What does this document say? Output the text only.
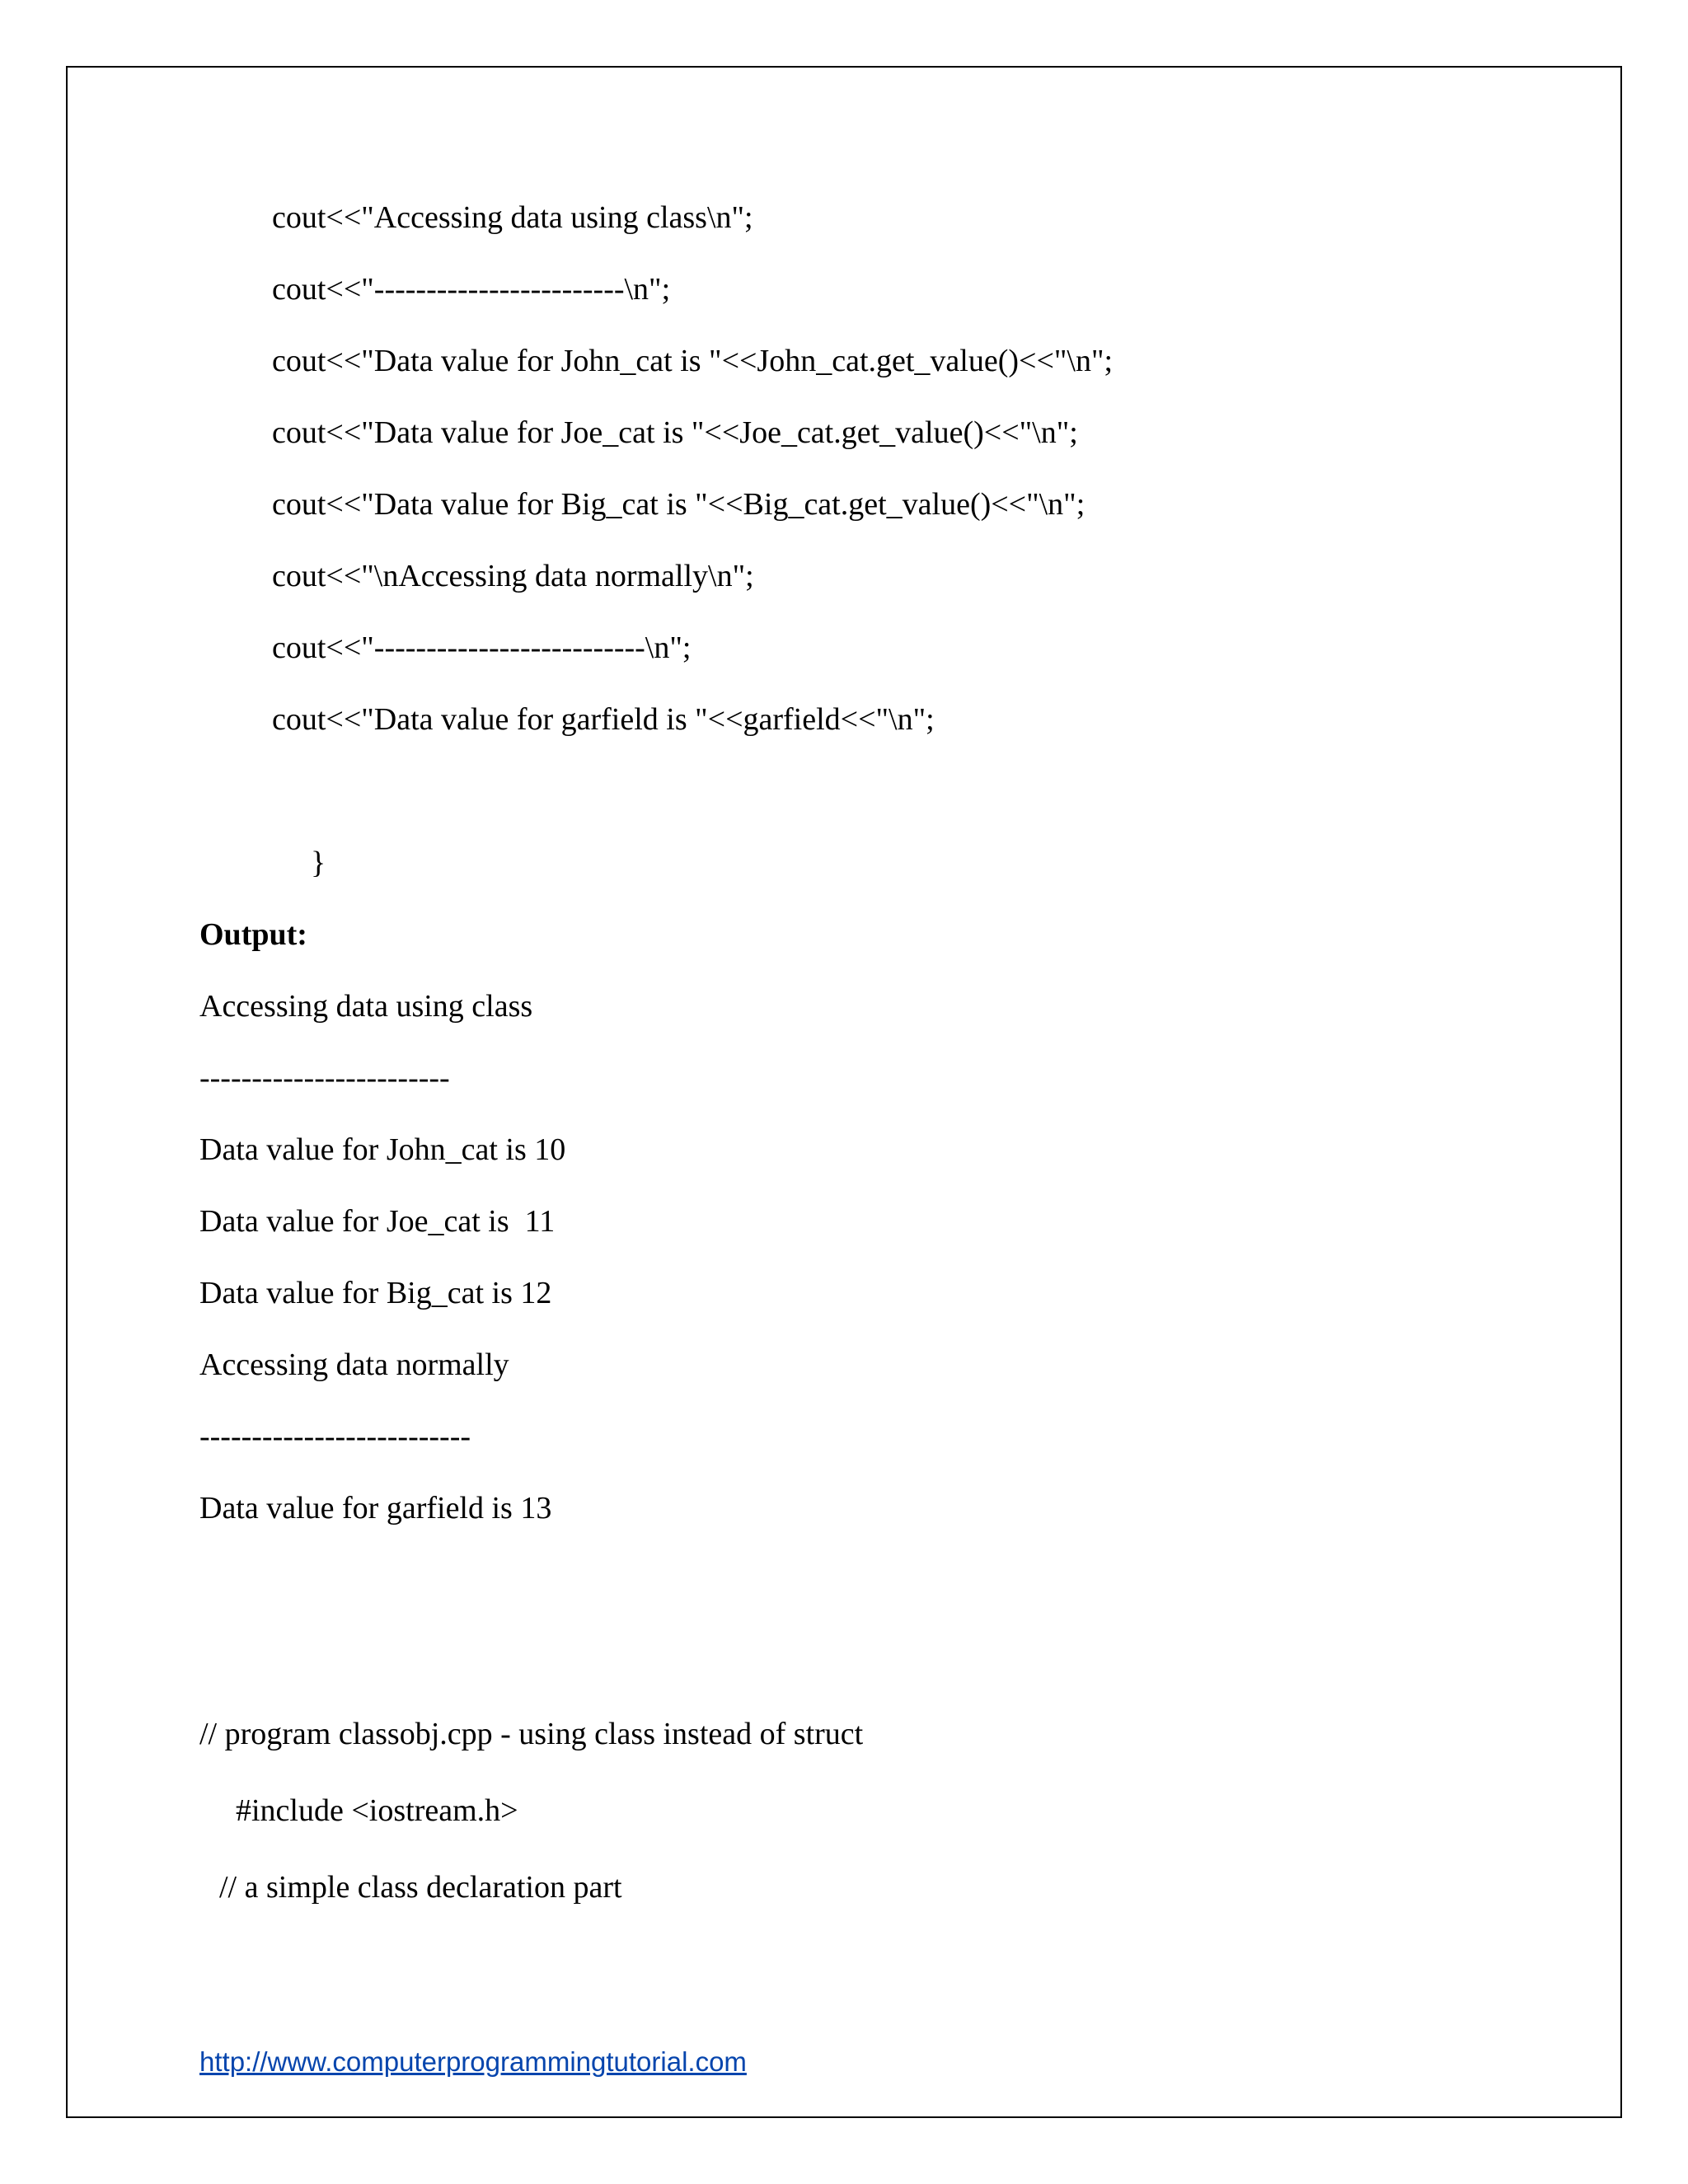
cout<<"Accessing data using class\n";
cout<<"------------------------\n";
cout<<"Data value for John_cat is "<<John_cat.get_value()<<"\n";
cout<<"Data value for Joe_cat is "<<Joe_cat.get_value()<<"\n";
cout<<"Data value for Big_cat is "<<Big_cat.get_value()<<"\n";
cout<<"\nAccessing data normally\n";
cout<<"--------------------------\n";
cout<<"Data value for garfield is "<<garfield<<"\n";
}
Output:
Accessing data using class
------------------------
Data value for John_cat is 10
Data value for Joe_cat is  11
Data value for Big_cat is 12
Accessing data normally
--------------------------
Data value for garfield is 13
// program classobj.cpp - using class instead of struct
#include <iostream.h>
// a simple class declaration part
http://www.computerprogrammingtutorial.com
